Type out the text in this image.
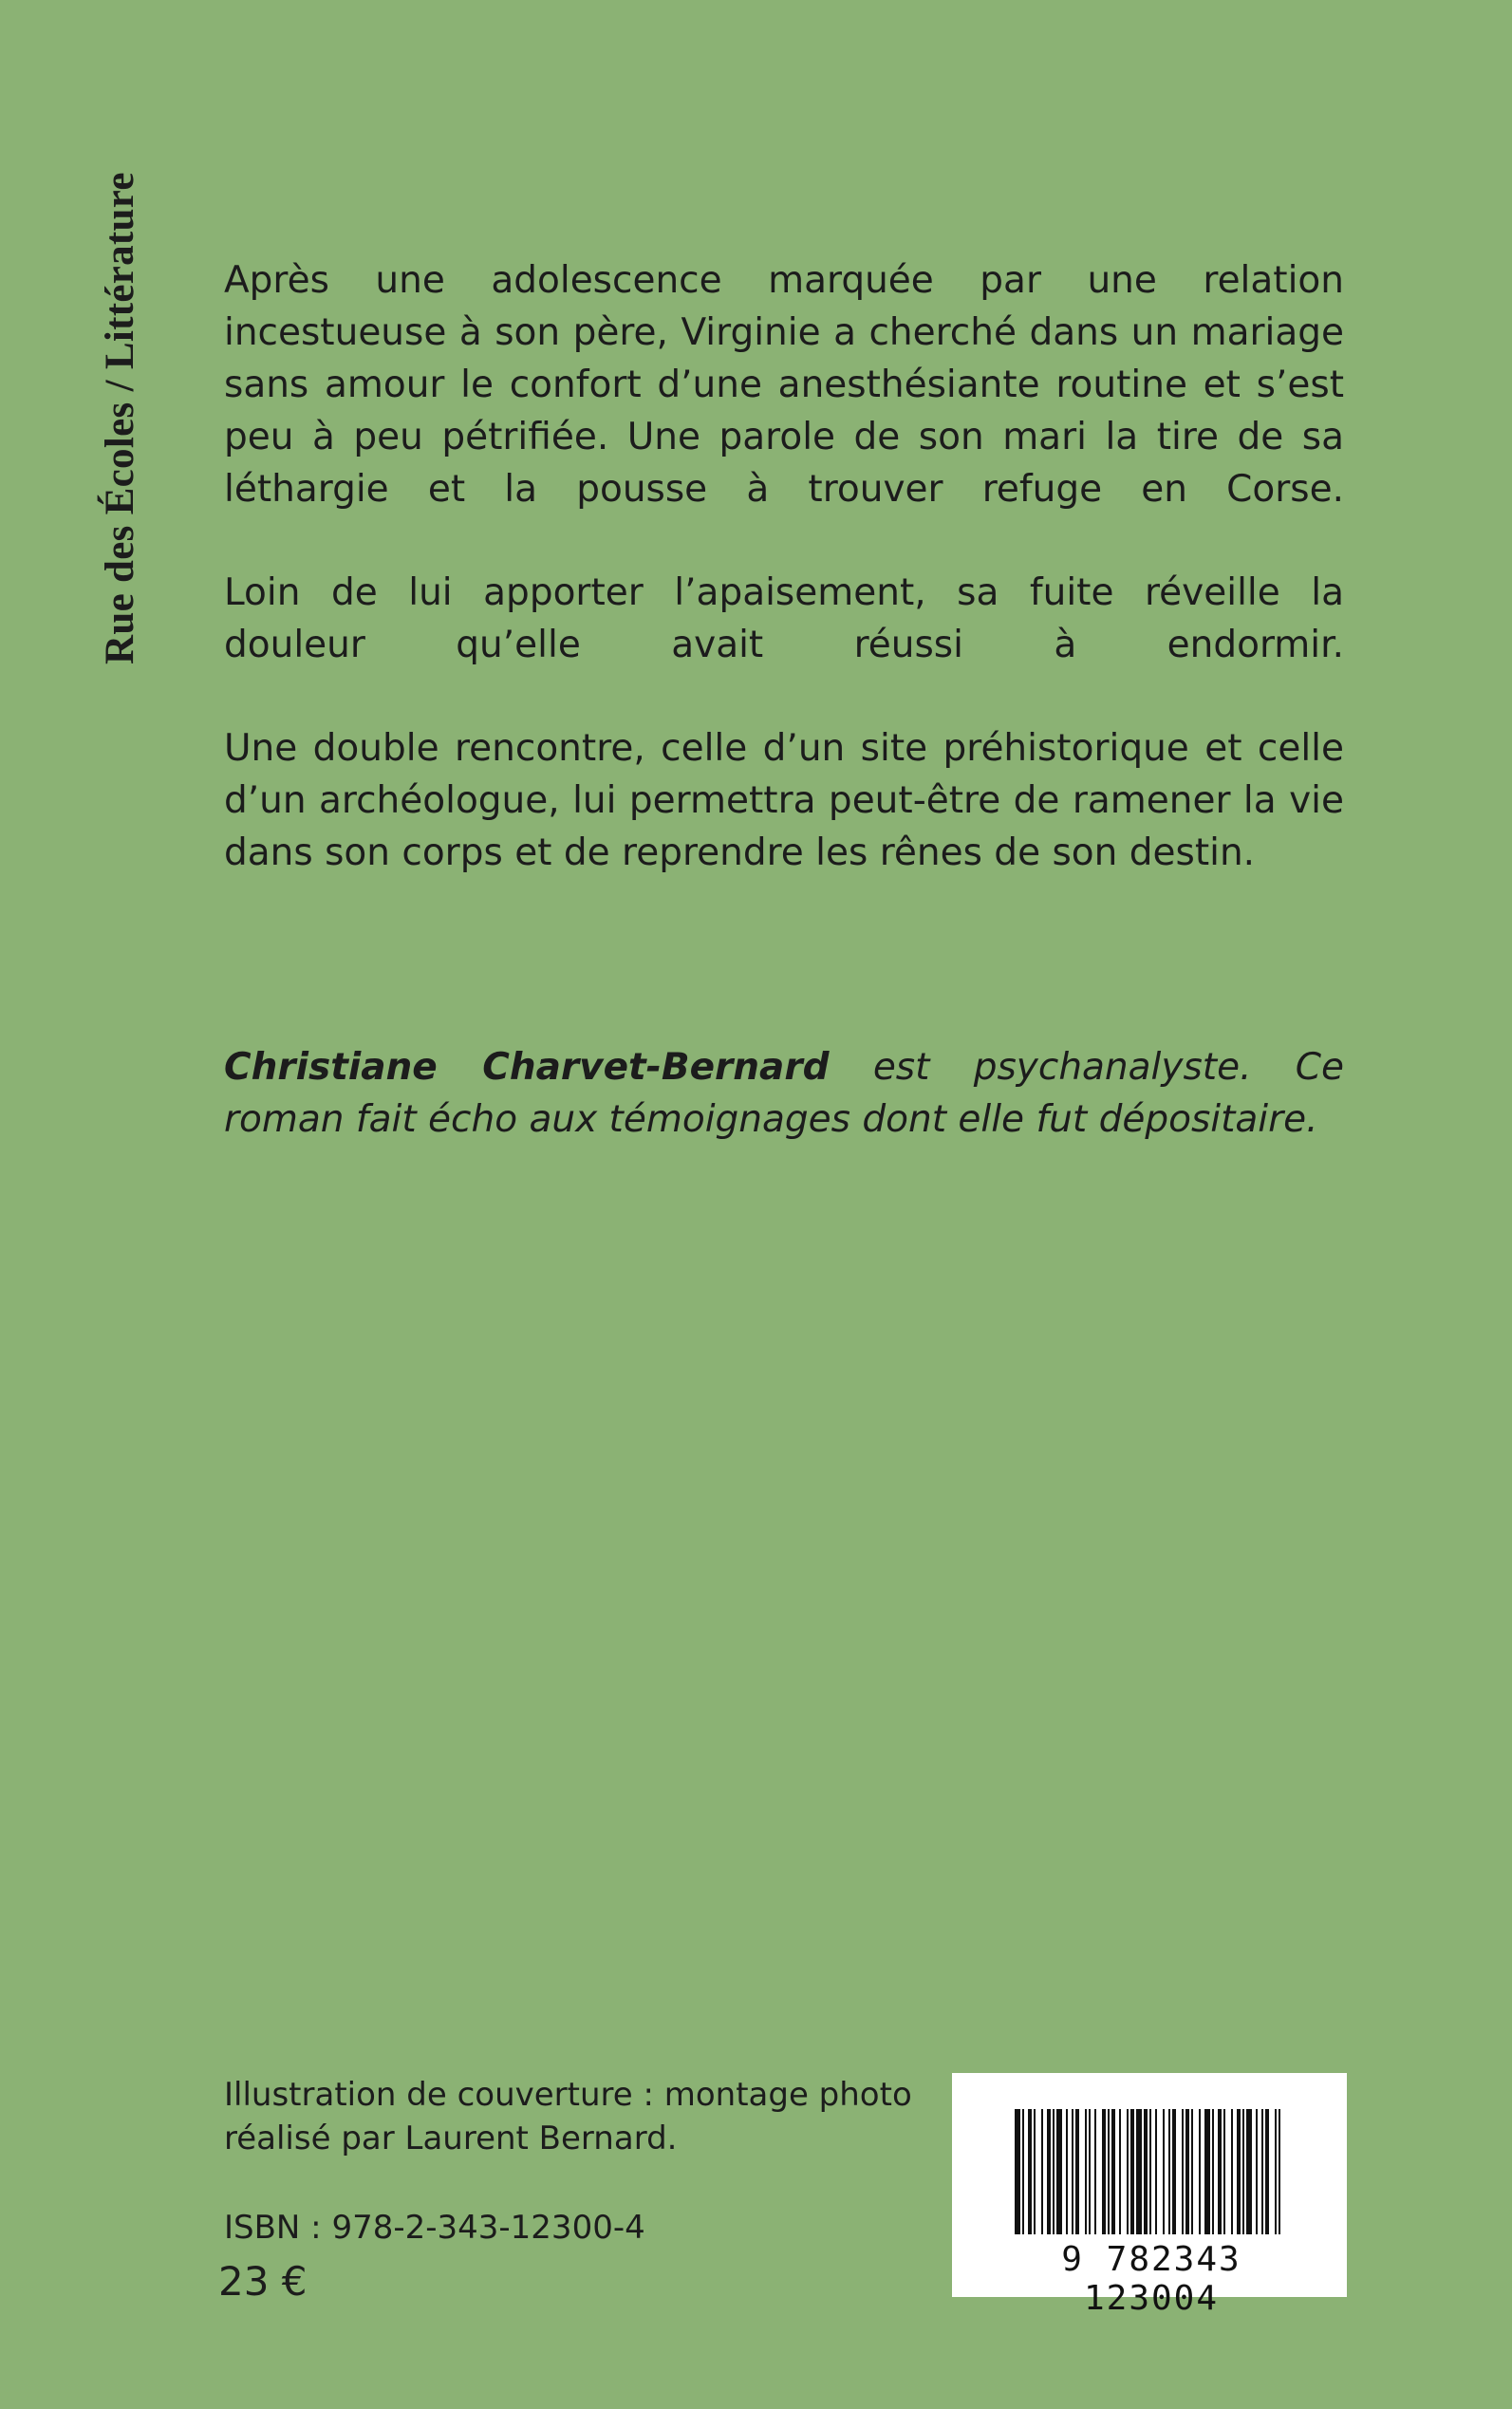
Rue des Écoles / Littérature Après une adolescence marquée par une relation incestueuse à son père, Virginie a cherché dans un mariage sans amour le confort d’une anesthésiante routine et s’est peu à peu pétrifiée. Une parole de son mari la tire de sa léthargie et la pousse à trouver refuge en Corse.

Loin de lui apporter l’apaisement, sa fuite réveille la douleur qu’elle avait réussi à endormir.

Une double rencontre, celle d’un site préhistorique et celle d’un archéologue, lui permettra peut-être de ramener la vie dans son corps et de reprendre les rênes de son destin.

Christiane Charvet-Bernard est psychanalyste. Ce roman fait écho aux témoignages dont elle fut dépositaire.

Illustration de couverture : montage photo
réalisé par Laurent Bernard.

ISBN : 978-2-343-12300-4
23 €	9 782343 123004
